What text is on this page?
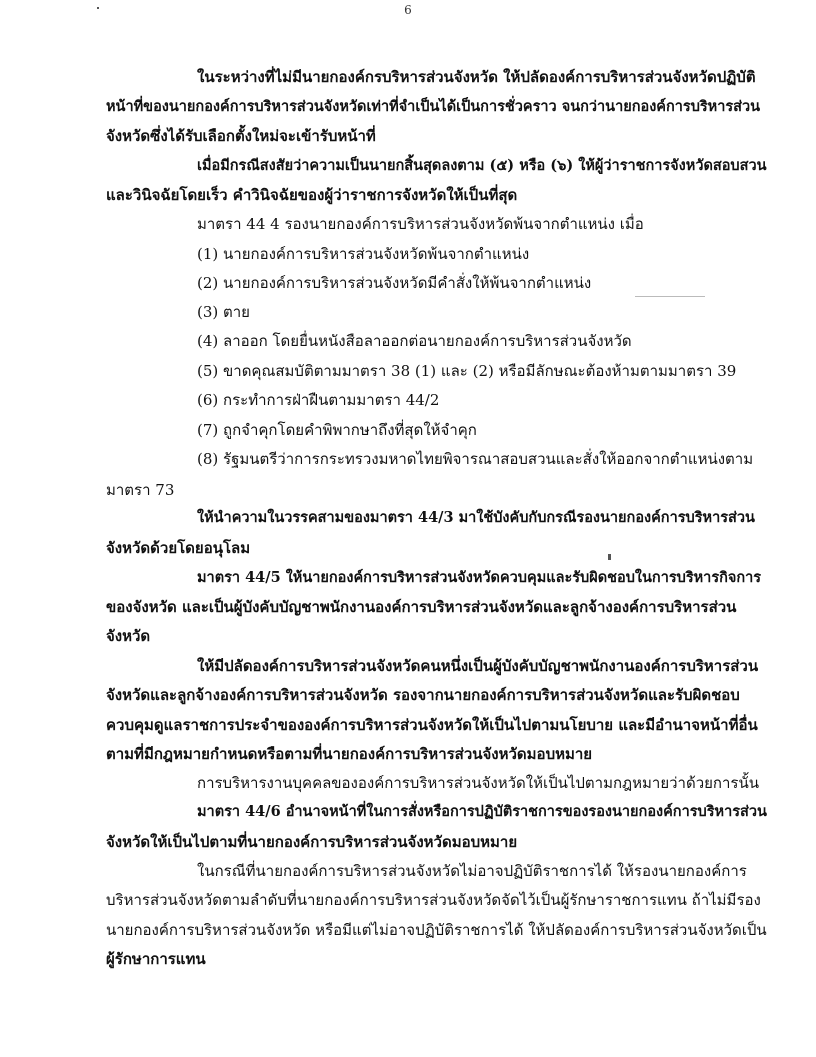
6
ในระหว่างที่ไม่มีนายกองค์กรบริหารส่วนจังหวัด ให้ปลัดองค์การบริหารส่วนจังหวัดปฏิบัติ
หน้าที่ของนายกองค์การบริหารส่วนจังหวัดเท่าที่จำเป็นได้เป็นการชั่วคราว จนกว่านายกองค์การบริหารส่วน
จังหวัดซึ่งได้รับเลือกตั้งใหม่จะเข้ารับหน้าที่
เมื่อมีกรณีสงสัยว่าความเป็นนายกสิ้นสุดลงตาม (๕) หรือ (๖) ให้ผู้ว่าราชการจังหวัดสอบสวน
และวินิจฉัยโดยเร็ว คำวินิจฉัยของผู้ว่าราชการจังหวัดให้เป็นที่สุด
มาตรา 44 4 รองนายกองค์การบริหารส่วนจังหวัดพ้นจากตำแหน่ง เมื่อ
(1) นายกองค์การบริหารส่วนจังหวัดพ้นจากตำแหน่ง
(2) นายกองค์การบริหารส่วนจังหวัดมีคำสั่งให้พ้นจากตำแหน่ง
(3) ตาย
(4) ลาออก โดยยื่นหนังสือลาออกต่อนายกองค์การบริหารส่วนจังหวัด
(5) ขาดคุณสมบัติตามมาตรา 38 (1) และ (2) หรือมีลักษณะต้องห้ามตามมาตรา 39
(6) กระทำการฝ่าฝืนตามมาตรา 44/2
(7) ถูกจำคุกโดยคำพิพากษาถึงที่สุดให้จำคุก
(8) รัฐมนตรีว่าการกระทรวงมหาดไทยพิจารณาสอบสวนและสั่งให้ออกจากตำแหน่งตาม
มาตรา 73
ให้นำความในวรรคสามของมาตรา 44/3 มาใช้บังคับกับกรณีรองนายกองค์การบริหารส่วน
จังหวัดด้วยโดยอนุโลม
มาตรา 44/5 ให้นายกองค์การบริหารส่วนจังหวัดควบคุมและรับผิดชอบในการบริหารกิจการ
ของจังหวัด และเป็นผู้บังคับบัญชาพนักงานองค์การบริหารส่วนจังหวัดและลูกจ้างองค์การบริหารส่วน
จังหวัด
ให้มีปลัดองค์การบริหารส่วนจังหวัดคนหนึ่งเป็นผู้บังคับบัญชาพนักงานองค์การบริหารส่วน
จังหวัดและลูกจ้างองค์การบริหารส่วนจังหวัด รองจากนายกองค์การบริหารส่วนจังหวัดและรับผิดชอบ
ควบคุมดูแลราชการประจำขององค์การบริหารส่วนจังหวัดให้เป็นไปตามนโยบาย และมีอำนาจหน้าที่อื่น
ตามที่มีกฎหมายกำหนดหรือตามที่นายกองค์การบริหารส่วนจังหวัดมอบหมาย
การบริหารงานบุคคลขององค์การบริหารส่วนจังหวัดให้เป็นไปตามกฎหมายว่าด้วยการนั้น
มาตรา 44/6 อำนาจหน้าที่ในการสั่งหรือการปฏิบัติราชการของรองนายกองค์การบริหารส่วน
จังหวัดให้เป็นไปตามที่นายกองค์การบริหารส่วนจังหวัดมอบหมาย
ในกรณีที่นายกองค์การบริหารส่วนจังหวัดไม่อาจปฏิบัติราชการได้ ให้รองนายกองค์การ
บริหารส่วนจังหวัดตามลำดับที่นายกองค์การบริหารส่วนจังหวัดจัดไว้เป็นผู้รักษาราชการแทน ถ้าไม่มีรอง
นายกองค์การบริหารส่วนจังหวัด หรือมีแต่ไม่อาจปฏิบัติราชการได้ ให้ปลัดองค์การบริหารส่วนจังหวัดเป็น
ผู้รักษาการแทน
